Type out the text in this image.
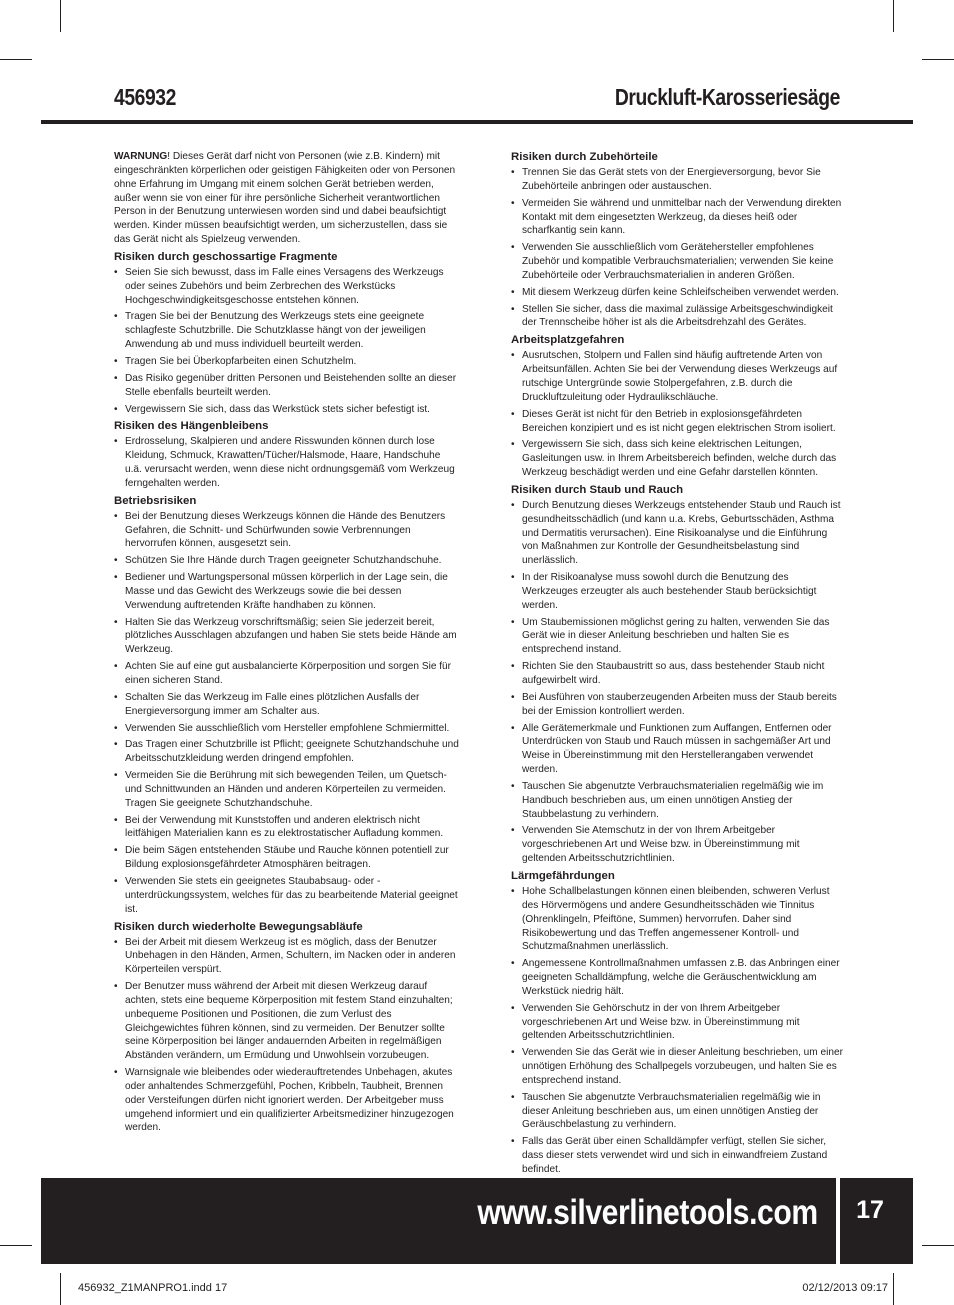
456932	Druckluft-Karosseriesäge

WARNUNG! Dieses Gerät darf nicht von Personen (wie z.B. Kindern) mit eingeschränkten körperlichen oder geistigen Fähigkeiten oder von Personen ohne Erfahrung im Umgang mit einem solchen Gerät betrieben werden, außer wenn sie von einer für ihre persönliche Sicherheit verantwortlichen Person in der Benutzung unterwiesen worden sind und dabei beaufsichtigt werden. Kinder müssen beaufsichtigt werden, um sicherzustellen, dass sie das Gerät nicht als Spielzeug verwenden.

Risiken durch geschossartige Fragmente
• Seien Sie sich bewusst, dass im Falle eines Versagens des Werkzeugs oder seines Zubehörs und beim Zerbrechen des Werkstücks Hochgeschwindigkeitsgeschosse entstehen können.
• Tragen Sie bei der Benutzung des Werkzeugs stets eine geeignete schlagfeste Schutzbrille. Die Schutzklasse hängt von der jeweiligen Anwendung ab und muss individuell beurteilt werden.
• Tragen Sie bei Überkopfarbeiten einen Schutzhelm.
• Das Risiko gegenüber dritten Personen und Beistehenden sollte an dieser Stelle ebenfalls beurteilt werden.
• Vergewissern Sie sich, dass das Werkstück stets sicher befestigt ist.
Risiken des Hängenbleibens
• Erdrosselung, Skalpieren und andere Risswunden können durch lose Kleidung, Schmuck, Krawatten/Tücher/Halsmode, Haare, Handschuhe u.ä. verursacht werden, wenn diese nicht ordnungsgemäß vom Werkzeug ferngehalten werden.
Betriebsrisiken
• Bei der Benutzung dieses Werkzeugs können die Hände des Benutzers Gefahren, die Schnitt- und Schürfwunden sowie Verbrennungen hervorrufen können, ausgesetzt sein.
• Schützen Sie Ihre Hände durch Tragen geeigneter Schutzhandschuhe.
• Bediener und Wartungspersonal müssen körperlich in der Lage sein, die Masse und das Gewicht des Werkzeugs sowie die bei dessen Verwendung auftretenden Kräfte handhaben zu können.
• Halten Sie das Werkzeug vorschriftsmäßig; seien Sie jederzeit bereit, plötzliches Ausschlagen abzufangen und haben Sie stets beide Hände am Werkzeug.
• Achten Sie auf eine gut ausbalancierte Körperposition und sorgen Sie für einen sicheren Stand.
• Schalten Sie das Werkzeug im Falle eines plötzlichen Ausfalls der Energieversorgung immer am Schalter aus.
• Verwenden Sie ausschließlich vom Hersteller empfohlene Schmiermittel.
• Das Tragen einer Schutzbrille ist Pflicht; geeignete Schutzhandschuhe und Arbeitsschutzkleidung werden dringend empfohlen.
• Vermeiden Sie die Berührung mit sich bewegenden Teilen, um Quetsch- und Schnittwunden an Händen und anderen Körperteilen zu vermeiden. Tragen Sie geeignete Schutzhandschuhe.
• Bei der Verwendung mit Kunststoffen und anderen elektrisch nicht leitfähigen Materialien kann es zu elektrostatischer Aufladung kommen.
• Die beim Sägen entstehenden Stäube und Rauche können potentiell zur Bildung explosionsgefährdeter Atmosphären beitragen.
• Verwenden Sie stets ein geeignetes Staubabsaug- oder -unterdrückungssystem, welches für das zu bearbeitende Material geeignet ist.
Risiken durch wiederholte Bewegungsabläufe
• Bei der Arbeit mit diesem Werkzeug ist es möglich, dass der Benutzer Unbehagen in den Händen, Armen, Schultern, im Nacken oder in anderen Körperteilen verspürt.
• Der Benutzer muss während der Arbeit mit diesen Werkzeug darauf achten, stets eine bequeme Körperposition mit festem Stand einzuhalten; unbequeme Positionen und Positionen, die zum Verlust des Gleichgewichtes führen können, sind zu vermeiden. Der Benutzer sollte seine Körperposition bei länger andauernden Arbeiten in regelmäßigen Abständen verändern, um Ermüdung und Unwohlsein vorzubeugen.
• Warnsignale wie bleibendes oder wiederauftretendes Unbehagen, akutes oder anhaltendes Schmerzgefühl, Pochen, Kribbeln, Taubheit, Brennen oder Versteifungen dürfen nicht ignoriert werden. Der Arbeitgeber muss umgehend informiert und ein qualifizierter Arbeitsmediziner hinzugezogen werden.
Risiken durch Zubehörteile
• Trennen Sie das Gerät stets von der Energieversorgung, bevor Sie Zubehörteile anbringen oder austauschen.
• Vermeiden Sie während und unmittelbar nach der Verwendung direkten Kontakt mit dem eingesetzten Werkzeug, da dieses heiß oder scharfkantig sein kann.
• Verwenden Sie ausschließlich vom Gerätehersteller empfohlenes Zubehör und kompatible Verbrauchsmaterialien; verwenden Sie keine Zubehörteile oder Verbrauchsmaterialien in anderen Größen.
• Mit diesem Werkzeug dürfen keine Schleifscheiben verwendet werden.
• Stellen Sie sicher, dass die maximal zulässige Arbeitsgeschwindigkeit der Trennscheibe höher ist als die Arbeitsdrehzahl des Gerätes.
Arbeitsplatzgefahren
• Ausrutschen, Stolpern und Fallen sind häufig auftretende Arten von Arbeitsunfällen. Achten Sie bei der Verwendung dieses Werkzeugs auf rutschige Untergründe sowie Stolpergefahren, z.B. durch die Druckluftzuleitung oder Hydraulikschläuche.
• Dieses Gerät ist nicht für den Betrieb in explosionsgefährdeten Bereichen konzipiert und es ist nicht gegen elektrischen Strom isoliert.
• Vergewissern Sie sich, dass sich keine elektrischen Leitungen, Gasleitungen usw. in Ihrem Arbeitsbereich befinden, welche durch das Werkzeug beschädigt werden und eine Gefahr darstellen könnten.
Risiken durch Staub und Rauch
• Durch Benutzung dieses Werkzeugs entstehender Staub und Rauch ist gesundheitsschädlich (und kann u.a. Krebs, Geburtsschäden, Asthma und Dermatitis verursachen). Eine Risikoanalyse und die Einführung von Maßnahmen zur Kontrolle der Gesundheitsbelastung sind unerlässlich.
• In der Risikoanalyse muss sowohl durch die Benutzung des Werkzeuges erzeugter als auch bestehender Staub berücksichtigt werden.
• Um Staubemissionen möglichst gering zu halten, verwenden Sie das Gerät wie in dieser Anleitung beschrieben und halten Sie es entsprechend instand.
• Richten Sie den Staubaustritt so aus, dass bestehender Staub nicht aufgewirbelt wird.
• Bei Ausführen von stauberzeugenden Arbeiten muss der Staub bereits bei der Emission kontrolliert werden.
• Alle Gerätemerkmale und Funktionen zum Auffangen, Entfernen oder Unterdrücken von Staub und Rauch müssen in sachgemäßer Art und Weise in Übereinstimmung mit den Herstellerangaben verwendet werden.
• Tauschen Sie abgenutzte Verbrauchsmaterialien regelmäßig wie im Handbuch beschrieben aus, um einen unnötigen Anstieg der Staubbelastung zu verhindern.
• Verwenden Sie Atemschutz in der von Ihrem Arbeitgeber vorgeschriebenen Art und Weise bzw. in Übereinstimmung mit geltenden Arbeitsschutzrichtlinien.
Lärmgefährdungen
• Hohe Schallbelastungen können einen bleibenden, schweren Verlust des Hörvermögens und andere Gesundheitsschäden wie Tinnitus (Ohrenklingeln, Pfeiftöne, Summen) hervorrufen. Daher sind Risikobewertung und das Treffen angemessener Kontroll- und Schutzmaßnahmen unerlässlich.
• Angemessene Kontrollmaßnahmen umfassen z.B. das Anbringen einer geeigneten Schalldämpfung, welche die Geräuschentwicklung am Werkstück niedrig hält.
• Verwenden Sie Gehörschutz in der von Ihrem Arbeitgeber vorgeschriebenen Art und Weise bzw. in Übereinstimmung mit geltenden Arbeitsschutzrichtlinien.
• Verwenden Sie das Gerät wie in dieser Anleitung beschrieben, um einer unnötigen Erhöhung des Schallpegels vorzubeugen, und halten Sie es entsprechend instand.
• Tauschen Sie abgenutzte Verbrauchsmaterialien regelmäßig wie in dieser Anleitung beschrieben aus, um einen unnötigen Anstieg der Geräuschbelastung zu verhindern.
• Falls das Gerät über einen Schalldämpfer verfügt, stellen Sie sicher, dass dieser stets verwendet wird und sich in einwandfreiem Zustand befindet.
www.silverlinetools.com	17
456932_Z1MANPRO1.indd 17	02/12/2013 09:17
